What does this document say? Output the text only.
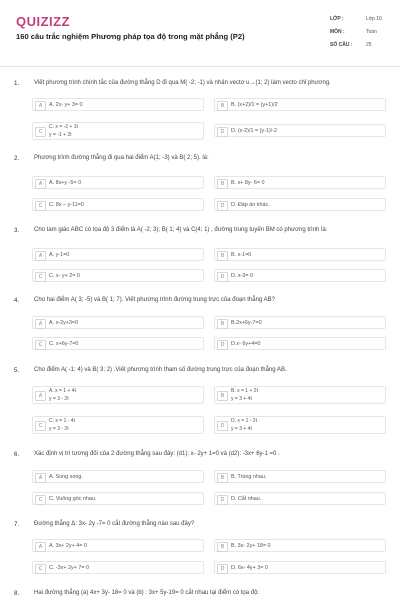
QUIZIZZ
160 câu trắc nghiệm Phương pháp tọa độ trong mặt phẳng (P2)
LỚP :	Lớp 10
MÔN :	Toán
SỐ CÂU :	25
1. Viết phương trình chính tắc của đường thẳng D đi qua M( -2; -1) và nhận vectơ u→(1; 2) làm vecto chỉ phương.
A	A. 2x- y+ 3= 0	B	B. (x+2)/1 = (y+1)/2
C
C. x = -2 + 1t
y = -1 + 2t	D	D. (x-2)/1 = (y-1)/-2
2. Phương trình đường thẳng đi qua hai điểm A(1; -3) và B( 2; 5). là:
A	A. 8x+y -5= 0	B	B. x+ 8y- 6= 0
C	C. 8x – y-11=0	D	D. Đáp án khác.
3. Cho tam giác ABC có tọa độ 3 điểm là A( -2; 3); B( 1; 4) và C(4; 1) , đường trung tuyến BM có phương trình là:
A	A. y-1=0	B	B. x-1=0
C	C. x- y+ 2= 0	D	D. x-3= 0
4. Cho hai điểm A( 3; -5) và B( 1; 7). Viết phương trình đường trung trực của đoạn thẳng AB?
A	A. x-2y+3=0	B	B.2x+6y-7=0
C	C. x+6y-7=0	D	D.x- 6y+4=0
5. Cho điểm A( -1; 4) và B( 3; 2) .Viết phương trình tham số đường trung trực của đoạn thẳng AB.
A
A. x = 1 + 4t
y = 3 - 2t	B
B. x = 1 + 2t
y = 3 + 4t
C
C. x = 1 - 4t
y = 3 - 2t	D
D. x = 1 - 2t
y = 3 + 4t
6. Xác định vị trí tương đối của 2 đường thẳng sau đây: (d1): x- 2y+ 1=0 và (d2): -3x+ 6y-1 =0 .
A	A. Song song.	B	B. Trùng nhau.
C	C. Vuông góc nhau.	D	D. Cắt nhau.
7. Đường thẳng Δ: 3x- 2y -7= 0 cắt đường thẳng nào sau đây?
A	A. 3x+ 2y+ 4= 0	B	B. 3x- 2y+ 18= 0
C	C. -3x+ 2y+ 7= 0	D	D. 6x- 4y+ 3= 0
8. Hai đường thẳng (a) 4x+ 3y- 18= 0 và (b) : 3x+ 5y-19= 0 cắt nhau tại điểm có tọa độ:
